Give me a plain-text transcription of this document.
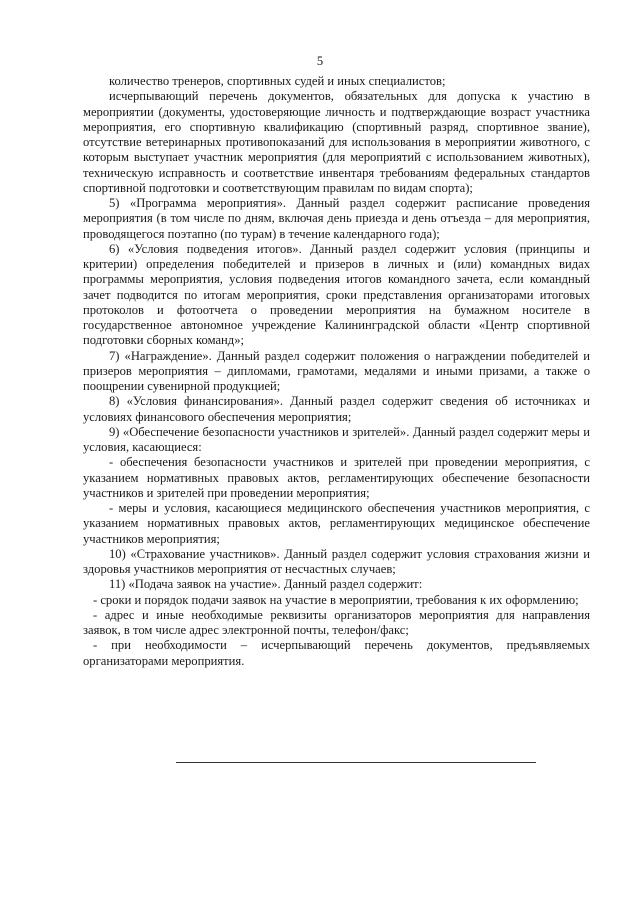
5

количество тренеров, спортивных судей и иных специалистов;

исчерпывающий перечень документов, обязательных для допуска к участию в мероприятии (документы, удостоверяющие личность и подтверждающие возраст участника мероприятия, его спортивную квалификацию (спортивный разряд, спортивное звание), отсутствие ветеринарных противопоказаний для использования в мероприятии животного, с которым выступает участник мероприятия (для мероприятий с использованием животных), техническую исправность и соответствие инвентаря требованиям федеральных стандартов спортивной подготовки и соответствующим правилам по видам спорта);

5) «Программа мероприятия». Данный раздел содержит расписание проведения мероприятия (в том числе по дням, включая день приезда и день отъезда – для мероприятия, проводящегося поэтапно (по турам) в течение календарного года);

6) «Условия подведения итогов». Данный раздел содержит условия (принципы и критерии) определения победителей и призеров в личных и (или) командных видах программы мероприятия, условия подведения итогов командного зачета, если командный зачет подводится по итогам мероприятия, сроки представления организаторами итоговых протоколов и фотоотчета о проведении мероприятия на бумажном носителе в государственное автономное учреждение Калининградской области «Центр спортивной подготовки сборных команд»;

7) «Награждение». Данный раздел содержит положения о награждении победителей и призеров мероприятия – дипломами, грамотами, медалями и иными призами, а также о поощрении сувенирной продукцией;

8) «Условия финансирования». Данный раздел содержит сведения об источниках и условиях финансового обеспечения мероприятия;

9) «Обеспечение безопасности участников и зрителей». Данный раздел содержит меры и условия, касающиеся:

- обеспечения безопасности участников и зрителей при проведении мероприятия, с указанием нормативных правовых актов, регламентирующих обеспечение безопасности участников и зрителей при проведении мероприятия;

- меры и условия, касающиеся медицинского обеспечения участников мероприятия, с указанием нормативных правовых актов, регламентирующих медицинское обеспечение участников мероприятия;

10) «Страхование участников». Данный раздел содержит условия страхования жизни и здоровья участников мероприятия от несчастных случаев;

11) «Подача заявок на участие». Данный раздел содержит:

- сроки и порядок подачи заявок на участие в мероприятии, требования к их оформлению;

- адрес и иные необходимые реквизиты организаторов мероприятия для направления заявок, в том числе адрес электронной почты, телефон/факс;

- при необходимости – исчерпывающий перечень документов, предъявляемых организаторами мероприятия.
